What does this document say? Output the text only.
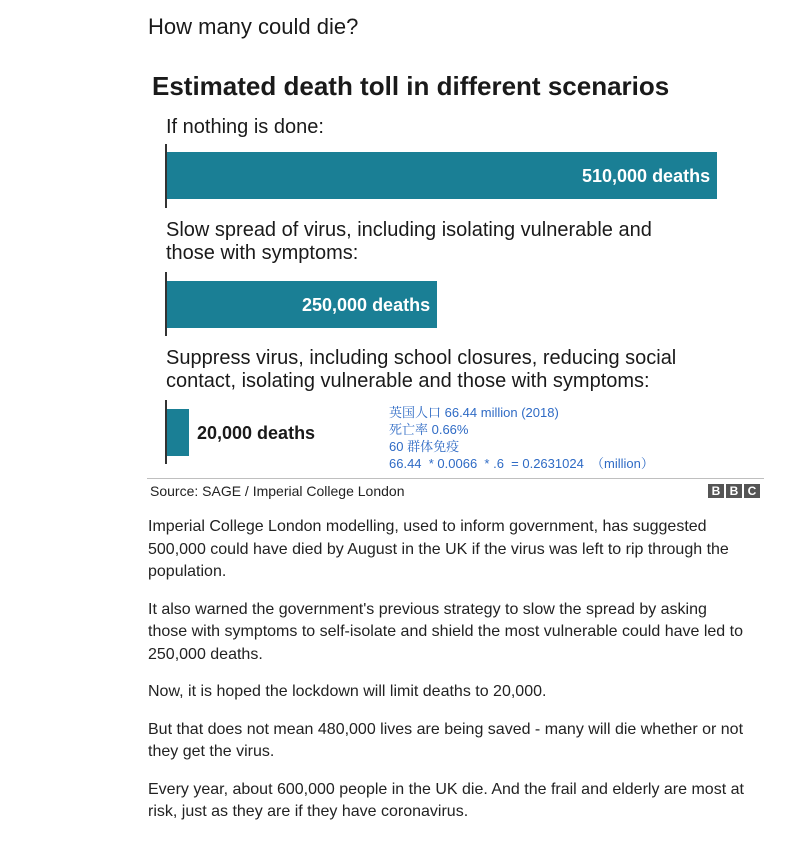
How many could die?
Estimated death toll in different scenarios
If nothing is done:
510,000 deaths
Slow spread of virus, including isolating vulnerable and
those with symptoms:
250,000 deaths
Suppress virus, including school closures, reducing social
contact, isolating vulnerable and those with symptoms:
20,000 deaths
英国人口 66.44 million (2018)
死亡率 0.66%
60 群体免疫
66.44  * 0.0066  * .6  = 0.2631024  （million）
Source: SAGE / Imperial College London	B B C

Imperial College London modelling, used to inform government, has suggested 500,000 could have died by August in the UK if the virus was left to rip through the population.

It also warned the government's previous strategy to slow the spread by asking those with symptoms to self-isolate and shield the most vulnerable could have led to 250,000 deaths.

Now, it is hoped the lockdown will limit deaths to 20,000.

But that does not mean 480,000 lives are being saved - many will die whether or not they get the virus.

Every year, about 600,000 people in the UK die. And the frail and elderly are most at risk, just as they are if they have coronavirus.
